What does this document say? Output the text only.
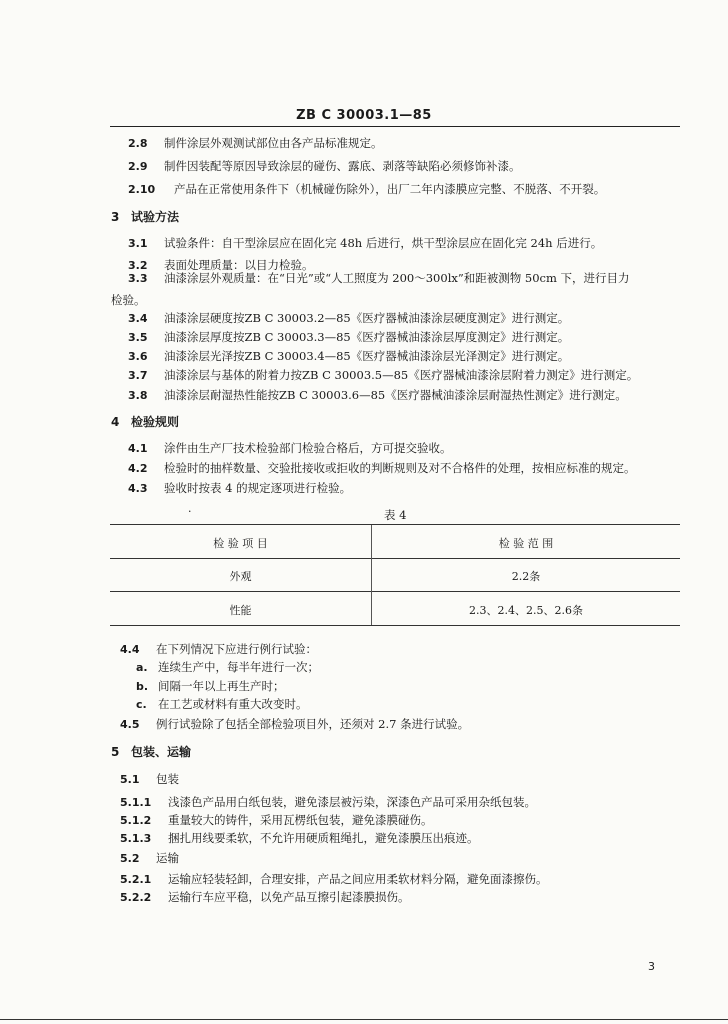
ZB C 30003.1—85
2.8 制件涂层外观测试部位由各产品标准规定。
2.9 制件因装配等原因导致涂层的碰伤、露底、剥落等缺陷必须修饰补漆。
2.10 产品在正常使用条件下（机械碰伤除外），出厂二年内漆膜应完整、不脱落、不开裂。
3 试验方法
3.1 试验条件：自干型涂层应在固化完 48h 后进行，烘干型涂层应在固化完 24h 后进行。
3.2 表面处理质量：以目力检验。
3.3 油漆涂层外观质量：在“日光”或“人工照度为 200～300lx”和距被测物 50cm 下，进行目力
检验。
3.4 油漆涂层硬度按ZB C 30003.2—85《医疗器械油漆涂层硬度测定》进行测定。
3.5 油漆涂层厚度按ZB C 30003.3—85《医疗器械油漆涂层厚度测定》进行测定。
3.6 油漆涂层光泽按ZB C 30003.4—85《医疗器械油漆涂层光泽测定》进行测定。
3.7 油漆涂层与基体的附着力按ZB C 30003.5—85《医疗器械油漆涂层附着力测定》进行测定。
3.8 油漆涂层耐湿热性能按ZB C 30003.6—85《医疗器械油漆涂层耐湿热性测定》进行测定。
4 检验规则
4.1 涂件由生产厂技术检验部门检验合格后，方可提交验收。
4.2 检验时的抽样数量、交验批接收或拒收的判断规则及对不合格件的处理，按相应标准的规定。
4.3 验收时按表 4 的规定逐项进行检验。
·	表 4
检 验 项 目	检 验 范 围
外观	2.2条
性能	2.3、2.4、2.5、2.6条
4.4 在下列情况下应进行例行试验：
a. 连续生产中，每半年进行一次；
b. 间隔一年以上再生产时；
c. 在工艺或材料有重大改变时。
4.5 例行试验除了包括全部检验项目外，还须对 2.7 条进行试验。
5 包装、运输
5.1 包装
5.1.1 浅漆色产品用白纸包装，避免漆层被污染，深漆色产品可采用杂纸包装。
5.1.2 重量较大的铸件，采用瓦楞纸包装，避免漆膜碰伤。
5.1.3 捆扎用线要柔软，不允许用硬质粗绳扎，避免漆膜压出痕迹。
5.2 运输
5.2.1 运输应轻装轻卸，合理安排，产品之间应用柔软材料分隔，避免面漆擦伤。
5.2.2 运输行车应平稳，以免产品互擦引起漆膜损伤。
3
